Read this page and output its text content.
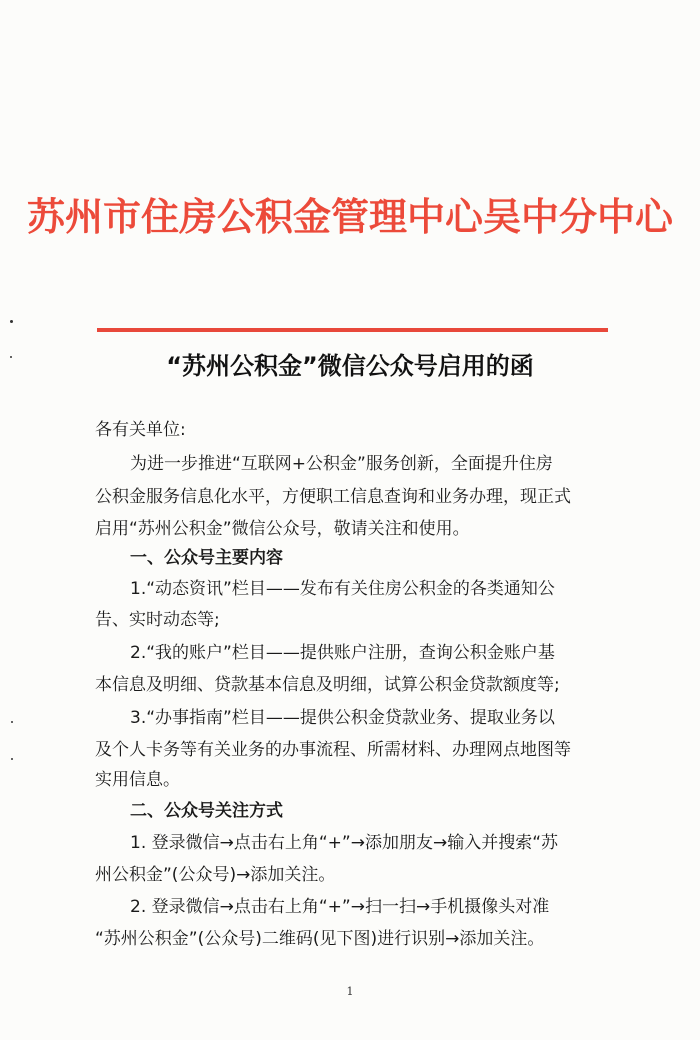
苏州市住房公积金管理中心吴中分中心
“苏州公积金”微信公众号启用的函
各有关单位:
为进一步推进“互联网+公积金”服务创新，全面提升住房
公积金服务信息化水平，方便职工信息查询和业务办理，现正式
启用“苏州公积金”微信公众号，敬请关注和使用。
一、公众号主要内容
1.“动态资讯”栏目——发布有关住房公积金的各类通知公
告、实时动态等;
2.“我的账户”栏目——提供账户注册，查询公积金账户基
本信息及明细、贷款基本信息及明细，试算公积金贷款额度等;
3.“办事指南”栏目——提供公积金贷款业务、提取业务以
及个人卡务等有关业务的办事流程、所需材料、办理网点地图等
实用信息。
二、公众号关注方式
1. 登录微信→点击右上角“+”→添加朋友→输入并搜索“苏
州公积金”(公众号)→添加关注。
2. 登录微信→点击右上角“+”→扫一扫→手机摄像头对准
“苏州公积金”(公众号)二维码(见下图)进行识别→添加关注。
1
